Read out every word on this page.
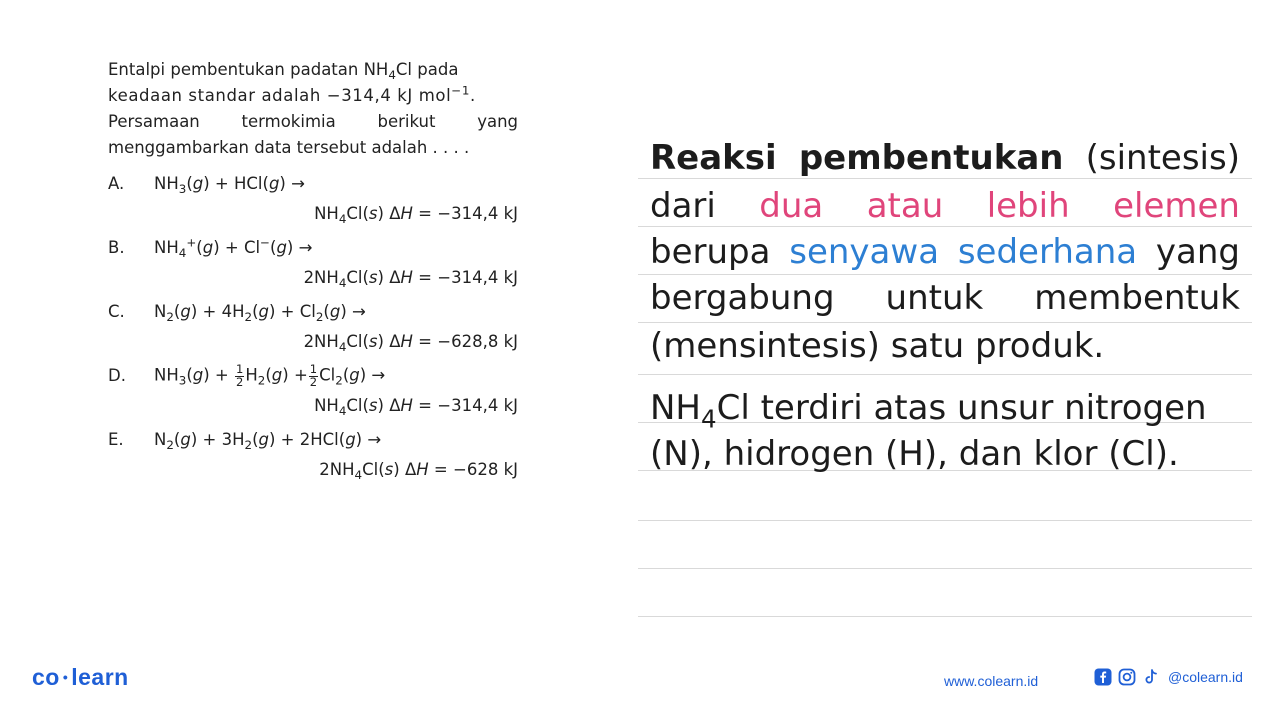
Entalpi pembentukan padatan $NH_4Cl$ pada
keadaan standar adalah −314,4 kJ mol$^{-1}$.
Persamaan	termokimia	berikut	yang
menggambarkan data tersebut adalah . . . .
A. $NH_3(g) + HCl(g)$ →
$NH_4Cl(s) \Delta H = -314,4$ kJ
B. $NH_4^+(g) + Cl^-(g)$ →
$2NH_4Cl(s) \Delta H = -314,4$ kJ
C. $N_2(g) + 4H_2(g) + Cl_2(g)$ →
$2NH_4Cl(s) \Delta H = -628,8$ kJ
D. $NH_3(g) + \frac{1}{2} H_2(g) + \frac{1}{2} Cl_2(g)$ →
$NH_4Cl(s) \Delta H = -314,4$ kJ
E. $N_2(g) + 3H_2(g) + 2HCl(g)$ →
$2NH_4Cl(s) \Delta H = -628$ kJ
Reaksi pembentukan (sintesis)
dari dua atau lebih elemen
berupa senyawa sederhana yang
bergabung untuk membentuk
(mensintesis) satu produk.
$NH_4Cl$ terdiri atas unsur nitrogen
(N), hidrogen (H), dan klor (Cl).
co • learn	www.colearn.id	@colearn.id
